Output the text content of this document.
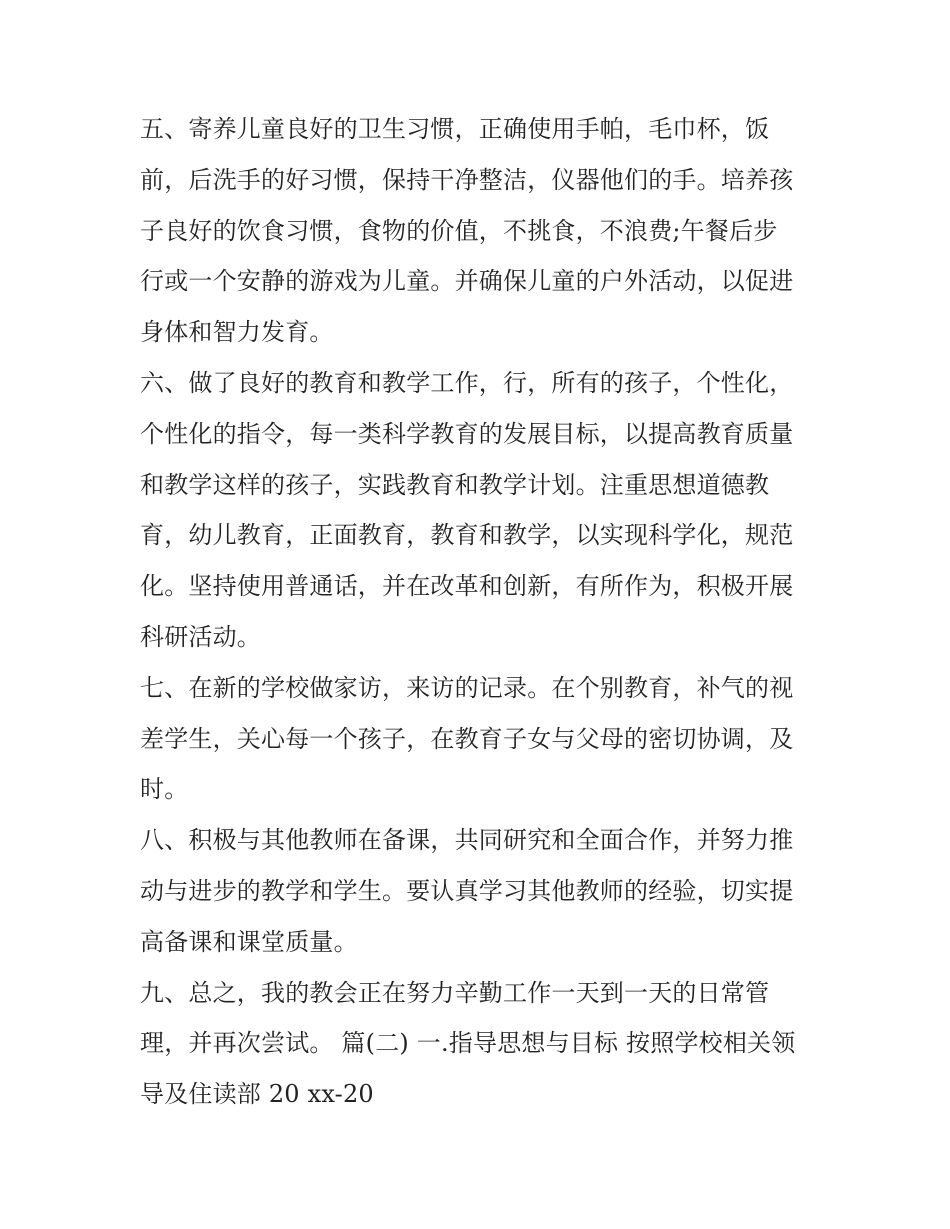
五、寄养儿童良好的卫生习惯，正确使用手帕，毛巾杯，饭
前，后洗手的好习惯，保持干净整洁，仪器他们的手。培养孩
子良好的饮食习惯，食物的价值，不挑食，不浪费;午餐后步
行或一个安静的游戏为儿童。并确保儿童的户外活动，以促进
身体和智力发育。
六、做了良好的教育和教学工作，行，所有的孩子，个性化，
个性化的指令，每一类科学教育的发展目标，以提高教育质量
和教学这样的孩子，实践教育和教学计划。注重思想道德教
育，幼儿教育，正面教育，教育和教学，以实现科学化，规范
化。坚持使用普通话，并在改革和创新，有所作为，积极开展
科研活动。
七、在新的学校做家访，来访的记录。在个别教育，补气的视
差学生，关心每一个孩子，在教育子女与父母的密切协调，及
时。
八、积极与其他教师在备课，共同研究和全面合作，并努力推
动与进步的教学和学生。要认真学习其他教师的经验，切实提
高备课和课堂质量。
九、总之，我的教会正在努力辛勤工作一天到一天的日常管
理，并再次尝试。 篇(二) 一.指导思想与目标 按照学校相关领
导及住读部 20 xx-20
